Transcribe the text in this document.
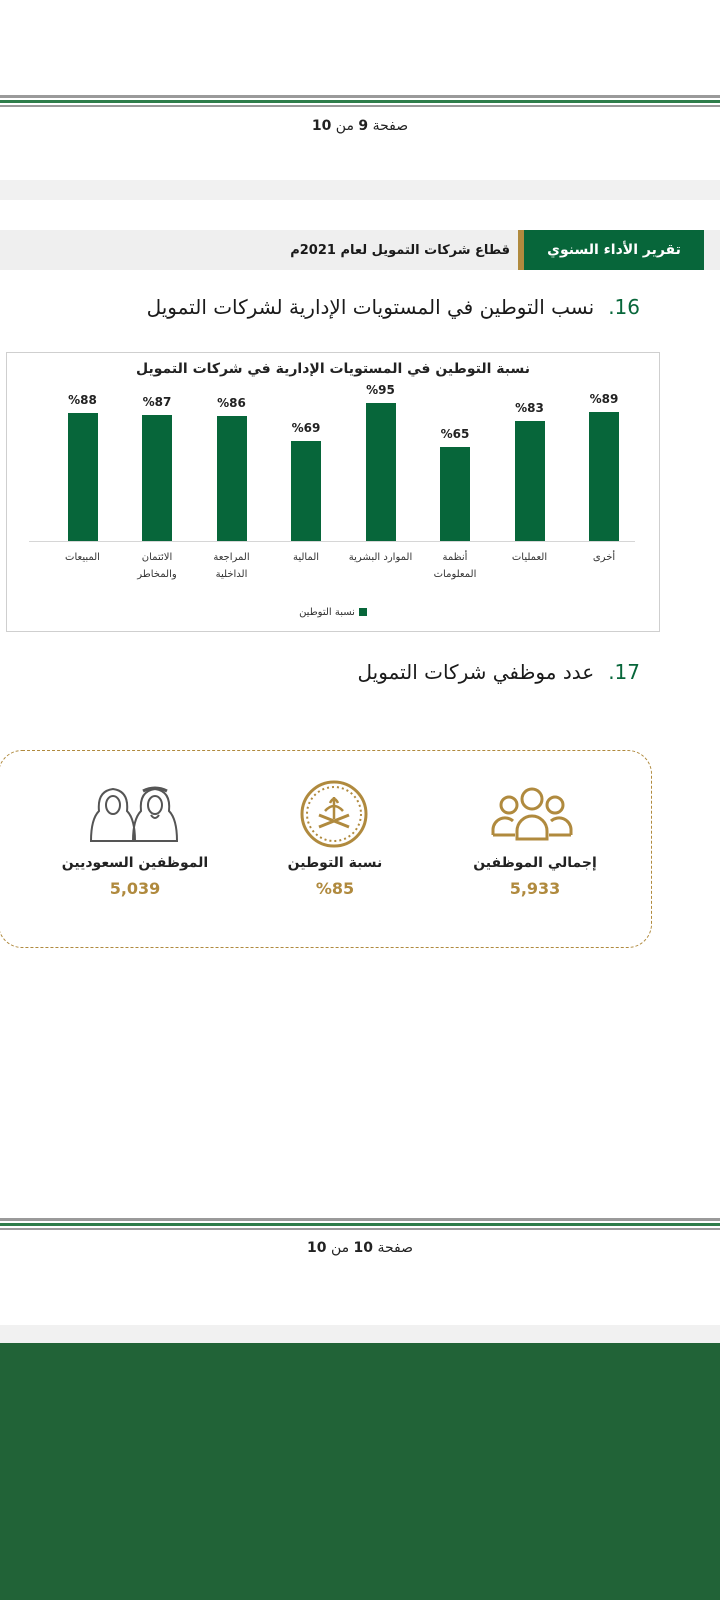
صفحة 9 من 10
تقرير الأداء السنوي
قطاع شركات التمويل لعام 2021م
16.
نسب التوطين في المستويات الإدارية لشركات التمويل
نسبة التوطين في المستويات الإدارية في شركات التمويل
%89
أخرى
%83
العمليات
%65
أنظمة المعلومات
%95
الموارد البشرية
%69
المالية
%86
المراجعة الداخلية
%87
الائتمان والمخاطر
%88
المبيعات
نسبة التوطين
17.
عدد موظفي شركات التمويل
إجمالي الموظفين
5,933
نسبة التوطين
%85
الموظفين السعوديين
5,039
صفحة 10 من 10
